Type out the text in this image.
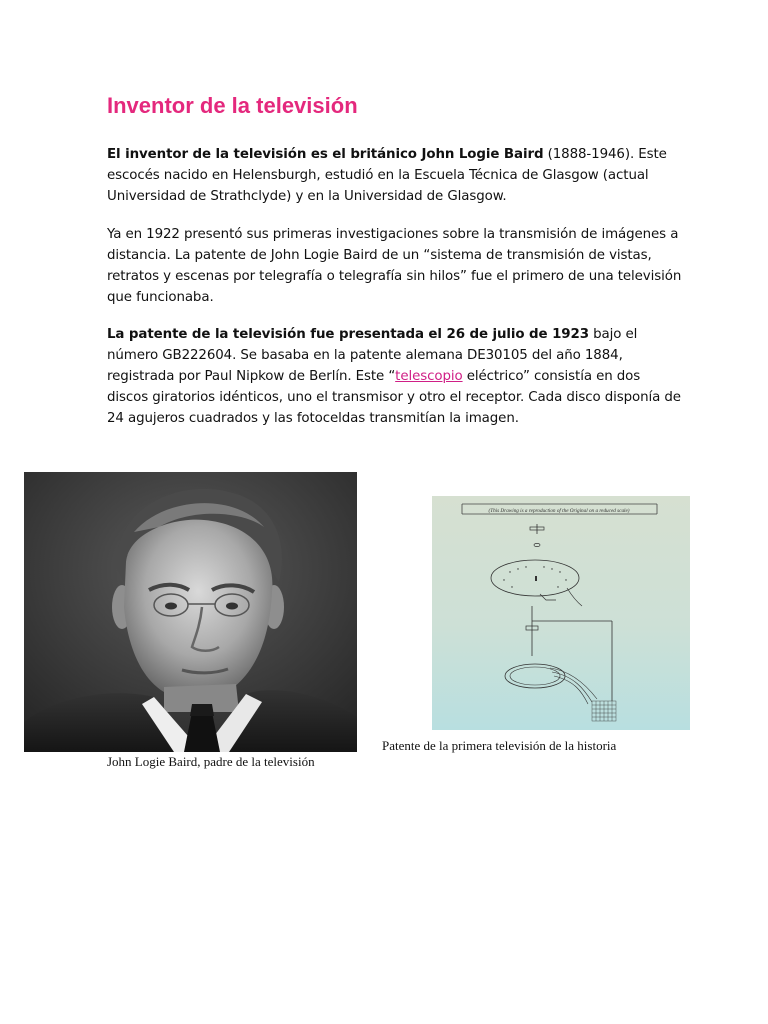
Inventor de la televisión

El inventor de la televisión es el británico John Logie Baird (1888-1946). Este escocés nacido en Helensburgh, estudió en la Escuela Técnica de Glasgow (actual Universidad de Strathclyde) y en la Universidad de Glasgow.

Ya en 1922 presentó sus primeras investigaciones sobre la transmisión de imágenes a distancia. La patente de John Logie Baird de un “sistema de transmisión de vistas, retratos y escenas por telegrafía o telegrafía sin hilos” fue el primero de una televisión que funcionaba.

La patente de la televisión fue presentada el 26 de julio de 1923 bajo el número GB222604. Se basaba en la patente alemana DE30105 del año 1884, registrada por Paul Nipkow de Berlín. Este “telescopio eléctrico” consistía en dos discos giratorios idénticos, uno el transmisor y otro el receptor. Cada disco disponía de 24 agujeros cuadrados y las fotoceldas transmitían la imagen.

John Logie Baird, padre de la televisión
(This Drawing is a reproduction of the Original on a reduced scale)
Patente de la primera televisión de la historia
